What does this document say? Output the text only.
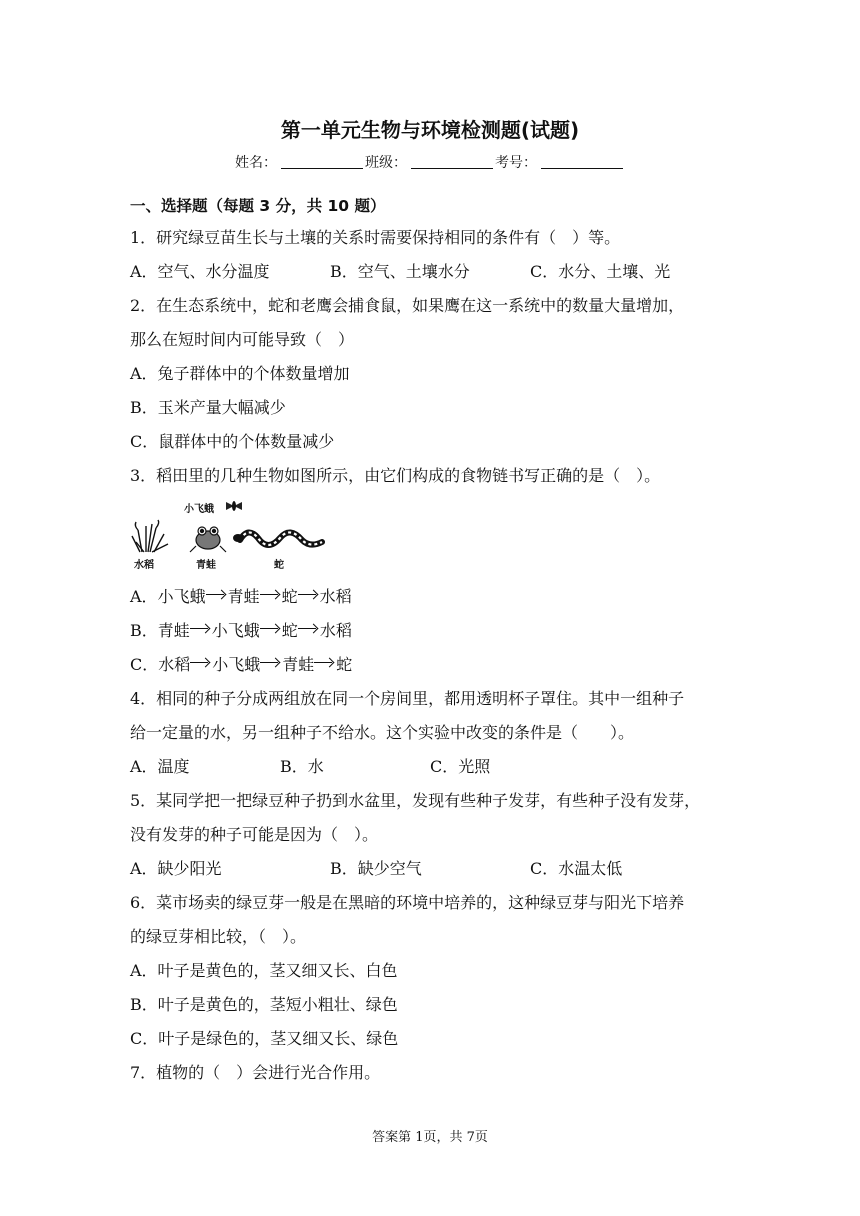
第一单元生物与环境检测题(试题)
姓名：	班级：	考号：
一、选择题（每题 3 分，共 10 题）
1．研究绿豆苗生长与土壤的关系时需要保持相同的条件有（　）等。
A．空气、水分温度	B．空气、土壤水分	C．水分、土壤、光
2．在生态系统中，蛇和老鹰会捕食鼠，如果鹰在这一系统中的数量大量增加，
那么在短时间内可能导致（　）
A．兔子群体中的个体数量增加
B．玉米产量大幅减少
C．鼠群体中的个体数量减少
3．稻田里的几种生物如图所示，由它们构成的食物链书写正确的是（　）。
小飞蛾
水稻	青蛙	蛇
A．小飞蛾 青蛙 蛇 水稻
B．青蛙 小飞蛾 蛇 水稻
C．水稻 小飞蛾 青蛙 蛇
4．相同的种子分成两组放在同一个房间里，都用透明杯子罩住。其中一组种子
给一定量的水，另一组种子不给水。这个实验中改变的条件是（　　）。
A．温度	B．水	C．光照
5．某同学把一把绿豆种子扔到水盆里，发现有些种子发芽，有些种子没有发芽，
没有发芽的种子可能是因为（　）。
A．缺少阳光	B．缺少空气	C．水温太低
6．菜市场卖的绿豆芽一般是在黑暗的环境中培养的，这种绿豆芽与阳光下培养
的绿豆芽相比较，（　）。
A．叶子是黄色的，茎又细又长、白色
B．叶子是黄色的，茎短小粗壮、绿色
C．叶子是绿色的，茎又细又长、绿色
7．植物的（　）会进行光合作用。
答案第 1页，共 7页
